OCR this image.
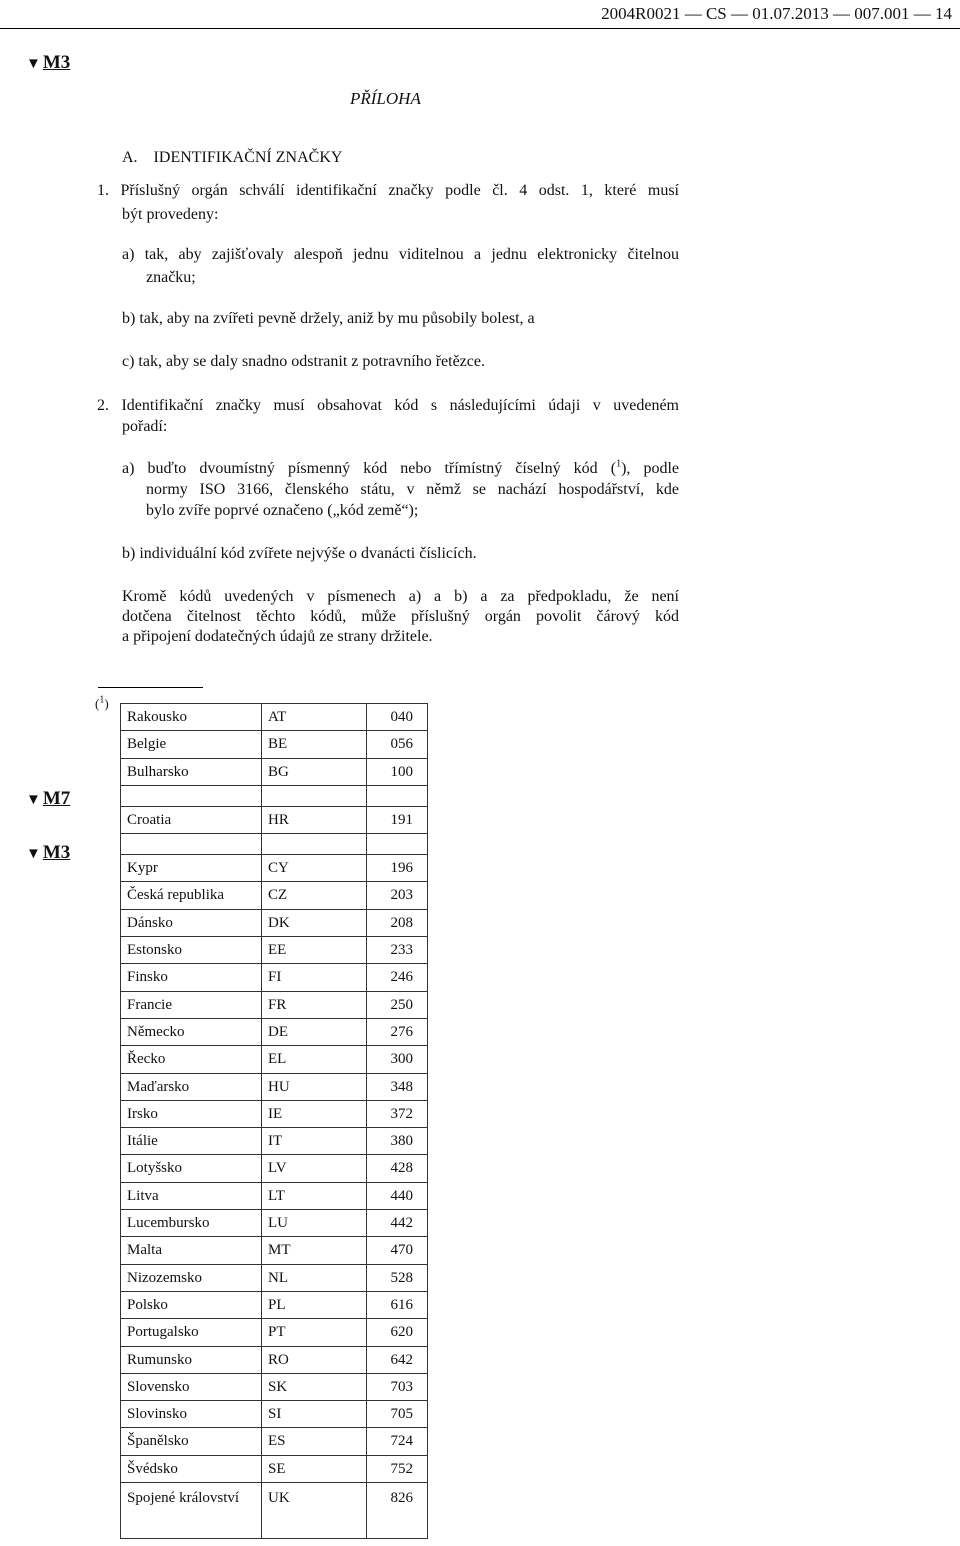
2004R0021 — CS — 01.07.2013 — 007.001 — 14
▼ M3
PŘÍLOHA
A.    IDENTIFIKAČNÍ ZNAČKY
1. Příslušný orgán schválí identifikační značky podle čl. 4 odst. 1, které musí
být provedeny:
a) tak, aby zajišťovaly alespoň jednu viditelnou a jednu elektronicky čitelnou
značku;
b) tak, aby na zvířeti pevně držely, aniž by mu působily bolest, a
c) tak, aby se daly snadno odstranit z potravního řetězce.
2. Identifikační značky musí obsahovat kód s následujícími údaji v uvedeném
pořadí:
a) buďto dvoumístný písmenný kód nebo třímístný číselný kód ($^1$), podle
normy ISO 3166, členského státu, v němž se nachází hospodářství, kde
bylo zvíře poprvé označeno („kód země“);
b) individuální kód zvířete nejvýše o dvanácti číslicích.
Kromě kódů uvedených v písmenech a) a b) a za předpokladu, že není
dotčena čitelnost těchto kódů, může příslušný orgán povolit čárový kód
a připojení dodatečných údajů ze strany držitele.
($^1$)
▼ M7
▼ M3
Rakousko	AT	040
Belgie	BE	056
Bulharsko	BG	100

Croatia	HR	191

Kypr	CY	196
Česká republika	CZ	203
Dánsko	DK	208
Estonsko	EE	233
Finsko	FI	246
Francie	FR	250
Německo	DE	276
Řecko	EL	300
Maďarsko	HU	348
Irsko	IE	372
Itálie	IT	380
Lotyšsko	LV	428
Litva	LT	440
Lucembursko	LU	442
Malta	MT	470
Nizozemsko	NL	528
Polsko	PL	616
Portugalsko	PT	620
Rumunsko	RO	642
Slovensko	SK	703
Slovinsko	SI	705
Španělsko	ES	724
Švédsko	SE	752
Spojené království	UK	826
